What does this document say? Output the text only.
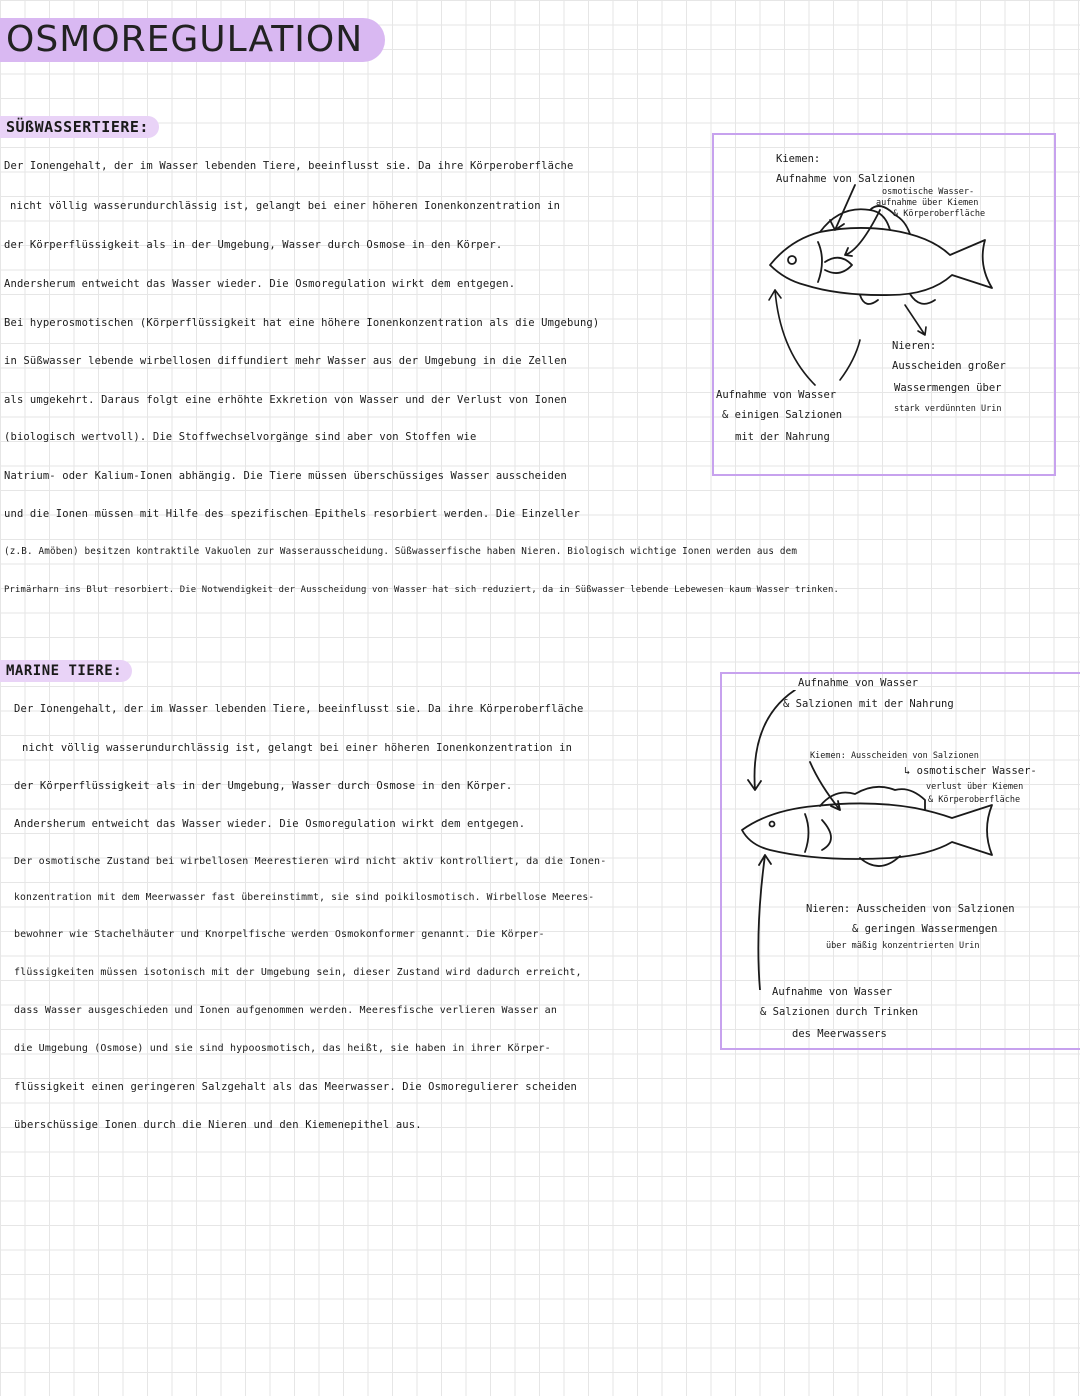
OSMOREGULATION
SÜßWASSERTIERE:
Der Ionengehalt, der im Wasser lebenden Tiere, beeinflusst sie. Da ihre Körperoberfläche
nicht völlig wasserundurchlässig ist, gelangt bei einer höheren Ionenkonzentration in
der Körperflüssigkeit als in der Umgebung, Wasser durch Osmose in den Körper.
Andersherum entweicht das Wasser wieder. Die Osmoregulation wirkt dem entgegen.
Bei hyperosmotischen (Körperflüssigkeit hat eine höhere Ionenkonzentration als die Umgebung)
in Süßwasser lebende wirbellosen diffundiert mehr Wasser aus der Umgebung in die Zellen
als umgekehrt. Daraus folgt eine erhöhte Exkretion von Wasser und der Verlust von Ionen
(biologisch wertvoll). Die Stoffwechselvorgänge sind aber von Stoffen wie
Natrium- oder Kalium-Ionen abhängig. Die Tiere müssen überschüssiges Wasser ausscheiden
und die Ionen müssen mit Hilfe des spezifischen Epithels resorbiert werden. Die Einzeller
(z.B. Amöben) besitzen kontraktile Vakuolen zur Wasserausscheidung. Süßwasserfische haben Nieren. Biologisch wichtige Ionen werden aus dem
Primärharn ins Blut resorbiert. Die Notwendigkeit der Ausscheidung von Wasser hat sich reduziert, da in Süßwasser lebende Lebewesen kaum Wasser trinken.
Kiemen:
Aufnahme von Salzionen
osmotische Wasser-
aufnahme über Kiemen
& Körperoberfläche
Nieren:
Ausscheiden großer
Wassermengen über
stark verdünnten Urin
Aufnahme von Wasser
& einigen Salzionen
mit der Nahrung
MARINE TIERE:
Der Ionengehalt, der im Wasser lebenden Tiere, beeinflusst sie. Da ihre Körperoberfläche
nicht völlig wasserundurchlässig ist, gelangt bei einer höheren Ionenkonzentration in
der Körperflüssigkeit als in der Umgebung, Wasser durch Osmose in den Körper.
Andersherum entweicht das Wasser wieder. Die Osmoregulation wirkt dem entgegen.
Der osmotische Zustand bei wirbellosen Meerestieren wird nicht aktiv kontrolliert, da die Ionen-
konzentration mit dem Meerwasser fast übereinstimmt, sie sind poikilosmotisch. Wirbellose Meeres-
bewohner wie Stachelhäuter und Knorpelfische werden Osmokonformer genannt. Die Körper-
flüssigkeiten müssen isotonisch mit der Umgebung sein, dieser Zustand wird dadurch erreicht,
dass Wasser ausgeschieden und Ionen aufgenommen werden. Meeresfische verlieren Wasser an
die Umgebung (Osmose) und sie sind hypoosmotisch, das heißt, sie haben in ihrer Körper-
flüssigkeit einen geringeren Salzgehalt als das Meerwasser. Die Osmoregulierer scheiden
überschüssige Ionen durch die Nieren und den Kiemenepithel aus.
Aufnahme von Wasser
& Salzionen mit der Nahrung
Kiemen: Ausscheiden von Salzionen
↳ osmotischer Wasser-
verlust über Kiemen
& Körperoberfläche
Nieren: Ausscheiden von Salzionen
& geringen Wassermengen
über mäßig konzentrierten Urin
Aufnahme von Wasser
& Salzionen durch Trinken
des Meerwassers
